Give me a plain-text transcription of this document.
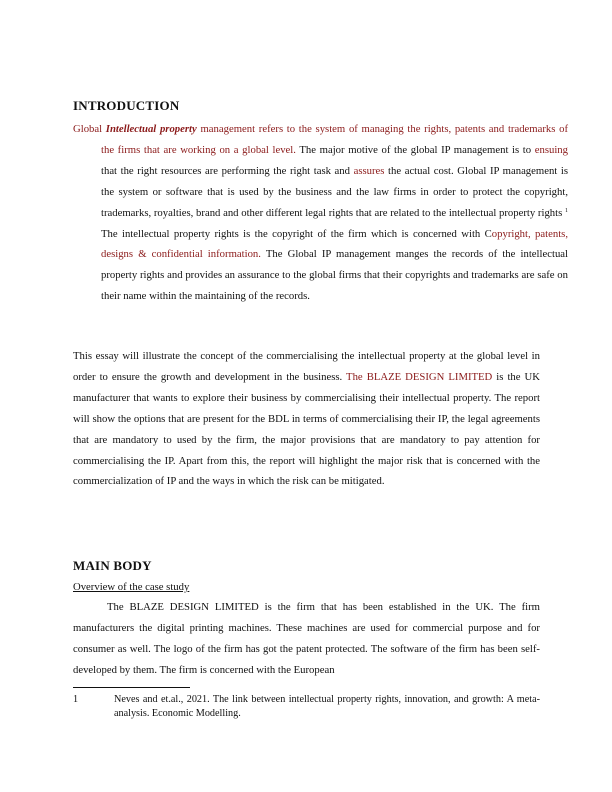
INTRODUCTION
Global Intellectual property management refers to the system of managing the rights, patents and trademarks of the firms that are working on a global level. The major motive of the global IP management is to ensuing that the right resources are performing the right task and assures the actual cost. Global IP management is the system or software that is used by the business and the law firms in order to protect the copyright, trademarks, royalties, brand and other different legal rights that are related to the intellectual property rights $^1$ The intellectual property rights is the copyright of the firm which is concerned with Copyright, patents, designs & confidential information. The Global IP management manges the records of the intellectual property rights and provides an assurance to the global firms that their copyrights and trademarks are safe on their name within the maintaining of the records.
This essay will illustrate the concept of the commercialising the intellectual property at the global level in order to ensure the growth and development in the business. The BLAZE DESIGN LIMITED is the UK manufacturer that wants to explore their business by commercialising their intellectual property. The report will show the options that are present for the BDL in terms of commercialising their IP, the legal agreements that are mandatory to used by the firm, the major provisions that are mandatory to pay attention for commercialising the IP. Apart from this, the report will highlight the major risk that is concerned with the commercialization of IP and the ways in which the risk can be mitigated.
MAIN BODY
Overview of the case study
The BLAZE DESIGN LIMITED is the firm that has been established in the UK. The firm manufacturers the digital printing machines. These machines are used for commercial purpose and for consumer as well. The logo of the firm has got the patent protected. The software of the firm has been self-developed by them. The firm is concerned with the European
1	Neves and et.al., 2021. The link between intellectual property rights, innovation, and growth: A meta-analysis. Economic Modelling.
